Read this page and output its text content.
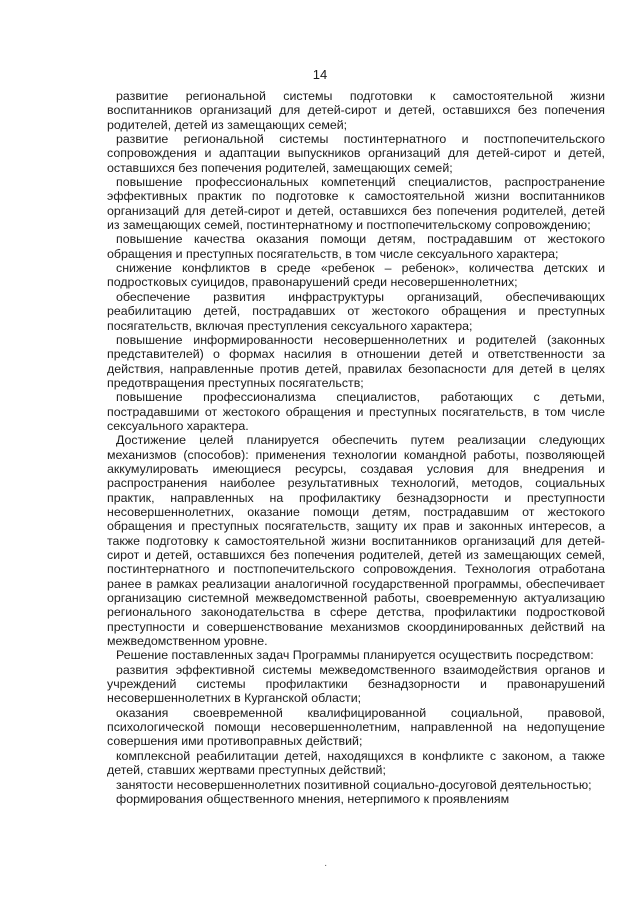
14

развитие региональной системы подготовки к самостоятельной жизни воспитанников организаций для детей-сирот и детей, оставшихся без попечения родителей, детей из замещающих семей;

развитие региональной системы постинтернатного и постпопечительского сопровождения и адаптации выпускников организаций для детей-сирот и детей, оставшихся без попечения родителей, замещающих семей;

повышение профессиональных компетенций специалистов, распространение эффективных практик по подготовке к самостоятельной жизни воспитанников организаций для детей-сирот и детей, оставшихся без попечения родителей, детей из замещающих семей, постинтернатному и постпопечительскому сопровождению;

повышение качества оказания помощи детям, пострадавшим от жестокого обращения и преступных посягательств, в том числе сексуального характера;

снижение конфликтов в среде «ребенок – ребенок», количества детских и подростковых суицидов, правонарушений среди несовершеннолетних;

обеспечение развития инфраструктуры организаций, обеспечивающих реабилитацию детей, пострадавших от жестокого обращения и преступных посягательств, включая преступления сексуального характера;

повышение информированности несовершеннолетних и родителей (законных представителей) о формах насилия в отношении детей и ответственности за действия, направленные против детей, правилах безопасности для детей в целях предотвращения преступных посягательств;

повышение профессионализма специалистов, работающих с детьми, пострадавшими от жестокого обращения и преступных посягательств, в том числе сексуального характера.

Достижение целей планируется обеспечить путем реализации следующих механизмов (способов): применения технологии командной работы, позволяющей аккумулировать имеющиеся ресурсы, создавая условия для внедрения и распространения наиболее результативных технологий, методов, социальных практик, направленных на профилактику безнадзорности и преступности несовершеннолетних, оказание помощи детям, пострадавшим от жестокого обращения и преступных посягательств, защиту их прав и законных интересов, а также подготовку к самостоятельной жизни воспитанников организаций для детей-сирот и детей, оставшихся без попечения родителей, детей из замещающих семей, постинтернатного и постпопечительского сопровождения. Технология отработана ранее в рамках реализации аналогичной государственной программы, обеспечивает организацию системной межведомственной работы, своевременную актуализацию регионального законодательства в сфере детства, профилактики подростковой преступности и совершенствование механизмов скоординированных действий на межведомственном уровне.

Решение поставленных задач Программы планируется осуществить посредством:

развития эффективной системы межведомственного взаимодействия органов и учреждений системы профилактики безнадзорности и правонарушений несовершеннолетних в Курганской области;

оказания своевременной квалифицированной социальной, правовой, психологической помощи несовершеннолетним, направленной на недопущение совершения ими противоправных действий;

комплексной реабилитации детей, находящихся в конфликте с законом, а также детей, ставших жертвами преступных действий;

занятости несовершеннолетних позитивной социально-досуговой деятельностью;

формирования общественного мнения, нетерпимого к проявлениям

·
